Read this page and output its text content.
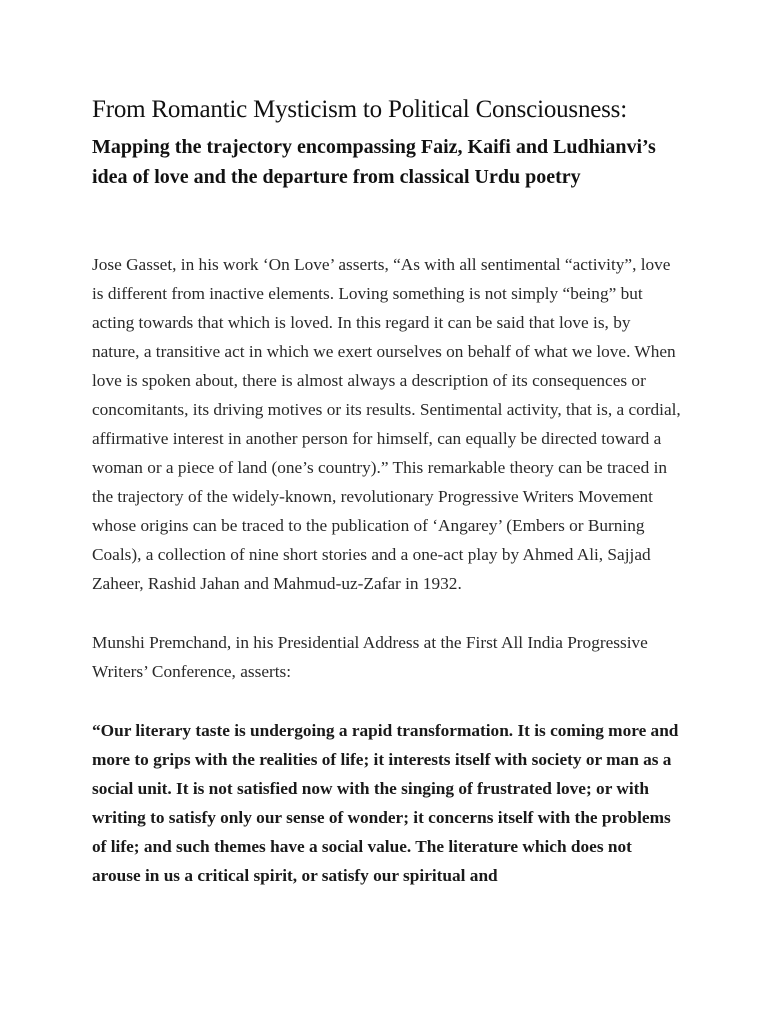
From Romantic Mysticism to Political Consciousness:
Mapping the trajectory encompassing Faiz, Kaifi and Ludhianvi’s idea of love and the departure from classical Urdu poetry

Jose Gasset, in his work ‘On Love’ asserts, “As with all sentimental “activity”, love is different from inactive elements. Loving something is not simply “being” but acting towards that which is loved. In this regard it can be said that love is, by nature, a transitive act in which we exert ourselves on behalf of what we love. When love is spoken about, there is almost always a description of its consequences or concomitants, its driving motives or its results. Sentimental activity, that is, a cordial, affirmative interest in another person for himself, can equally be directed toward a woman or a piece of land (one’s country).” This remarkable theory can be traced in the trajectory of the widely-known, revolutionary Progressive Writers Movement whose origins can be traced to the publication of ‘Angarey’ (Embers or Burning Coals), a collection of nine short stories and a one-act play by Ahmed Ali, Sajjad Zaheer, Rashid Jahan and Mahmud-uz-Zafar in 1932.

Munshi Premchand, in his Presidential Address at the First All India Progressive Writers’ Conference, asserts:

“Our literary taste is undergoing a rapid transformation. It is coming more and more to grips with the realities of life; it interests itself with society or man as a social unit. It is not satisfied now with the singing of frustrated love; or with writing to satisfy only our sense of wonder; it concerns itself with the problems of life; and such themes have a social value. The literature which does not arouse in us a critical spirit, or satisfy our spiritual and
